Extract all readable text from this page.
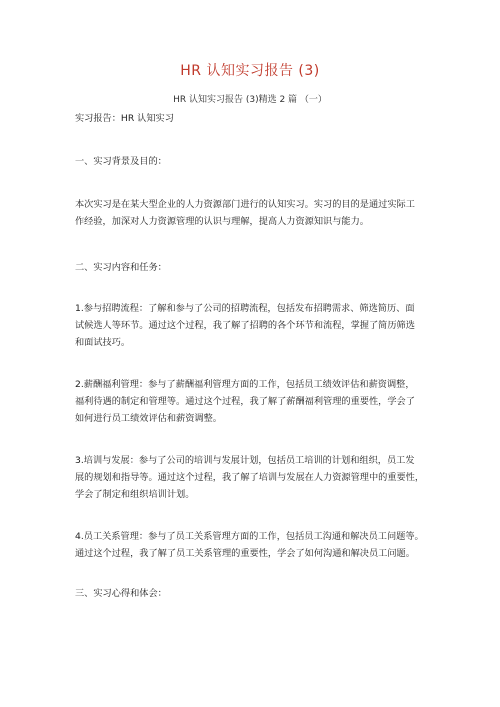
HR 认知实习报告 (3)
HR 认知实习报告 (3)精选 2 篇 （一）
实习报告：HR 认知实习
一、实习背景及目的：
本次实习是在某大型企业的人力资源部门进行的认知实习。实习的目的是通过实际工
作经验，加深对人力资源管理的认识与理解，提高人力资源知识与能力。
二、实习内容和任务：
1.参与招聘流程：了解和参与了公司的招聘流程，包括发布招聘需求、筛选简历、面
试候选人等环节。通过这个过程，我了解了招聘的各个环节和流程，掌握了简历筛选
和面试技巧。
2.薪酬福利管理：参与了薪酬福利管理方面的工作，包括员工绩效评估和薪资调整，
福利待遇的制定和管理等。通过这个过程，我了解了薪酬福利管理的重要性，学会了
如何进行员工绩效评估和薪资调整。
3.培训与发展：参与了公司的培训与发展计划，包括员工培训的计划和组织，员工发
展的规划和指导等。通过这个过程，我了解了培训与发展在人力资源管理中的重要性，
学会了制定和组织培训计划。
4.员工关系管理：参与了员工关系管理方面的工作，包括员工沟通和解决员工问题等。
通过这个过程，我了解了员工关系管理的重要性，学会了如何沟通和解决员工问题。
三、实习心得和体会：
